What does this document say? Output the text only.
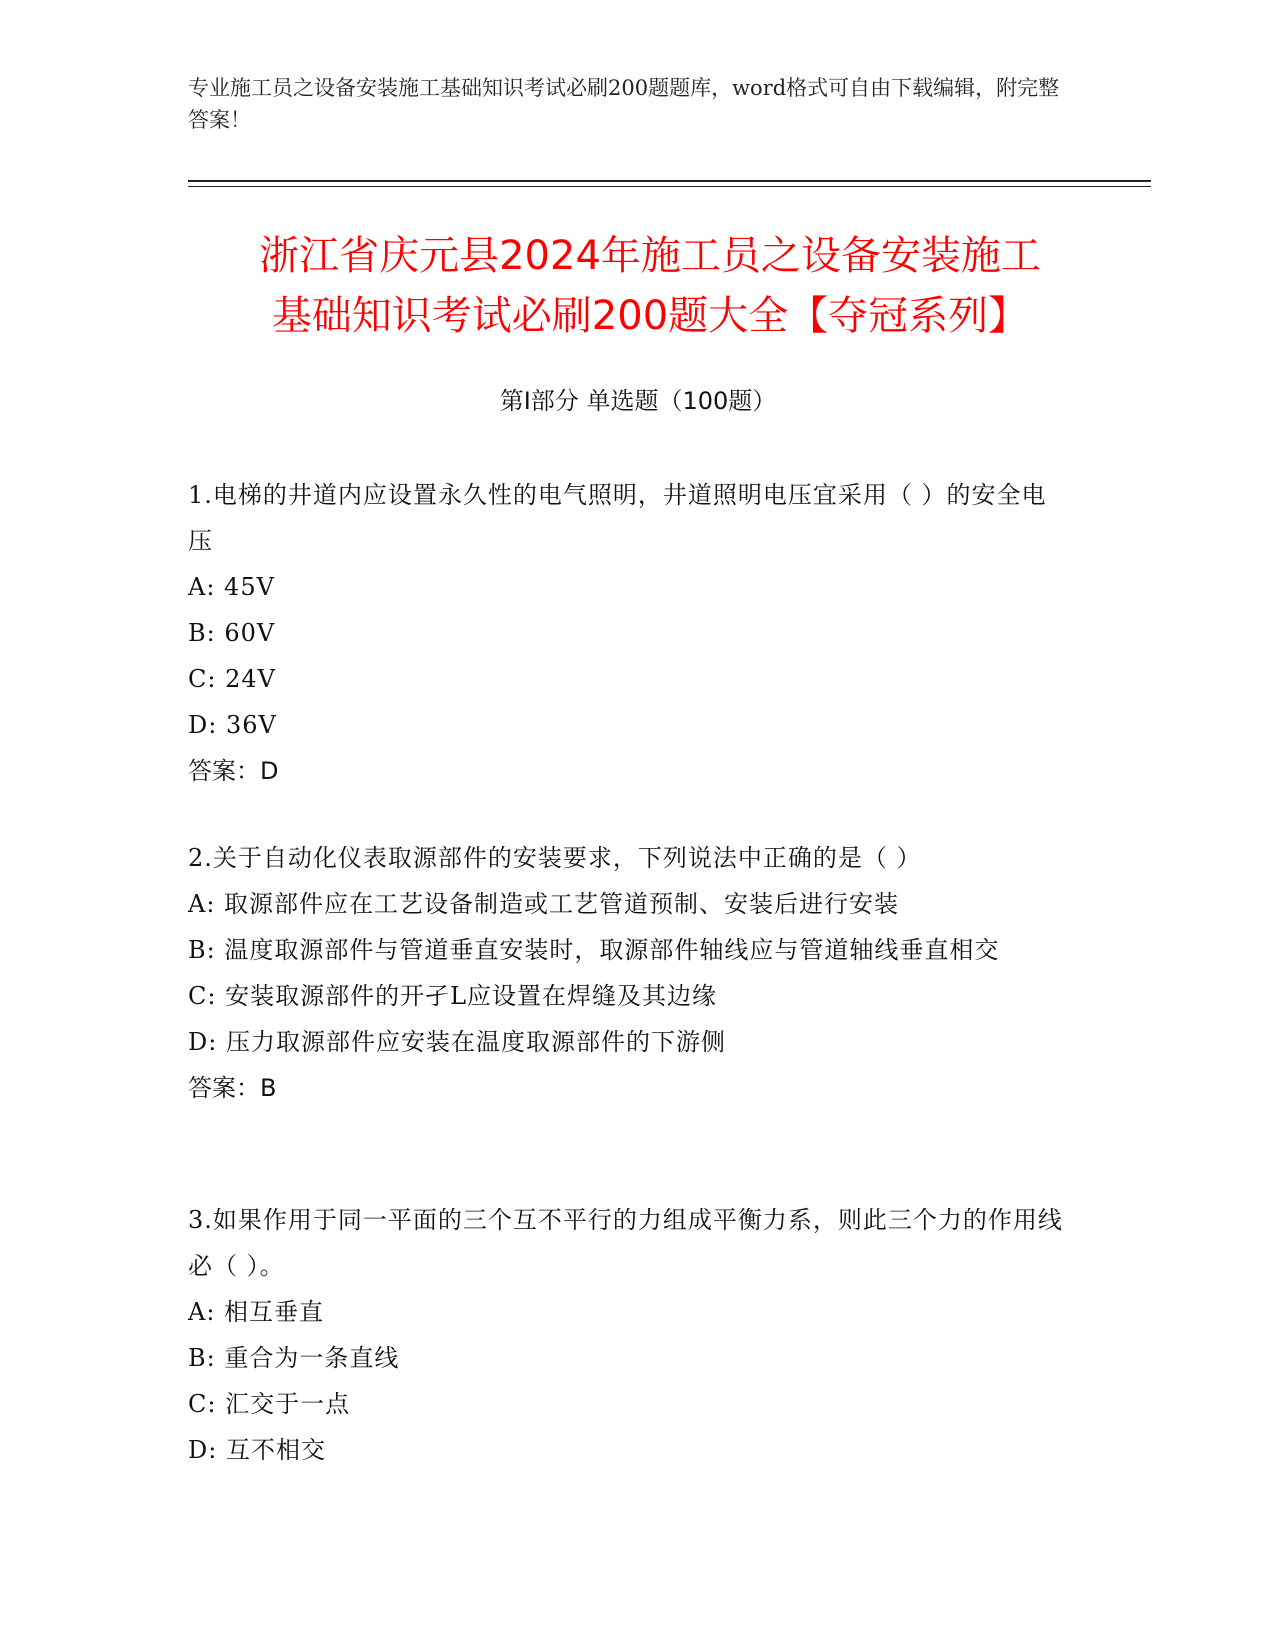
专业施工员之设备安装施工基础知识考试必刷200题题库，word格式可自由下载编辑，附完整答案！
浙江省庆元县2024年施工员之设备安装施工
基础知识考试必刷200题大全【夺冠系列】
第I部分 单选题（100题）
1.电梯的井道内应设置永久性的电气照明，井道照明电压宜采用（ ）的安全电压
A: 45V
B: 60V
C: 24V
D: 36V
答案：D
2.关于自动化仪表取源部件的安装要求，下列说法中正确的是（ ）
A: 取源部件应在工艺设备制造或工艺管道预制、安装后进行安装
B: 温度取源部件与管道垂直安装时，取源部件轴线应与管道轴线垂直相交
C: 安装取源部件的开孑L应设置在焊缝及其边缘
D: 压力取源部件应安装在温度取源部件的下游侧
答案：B
3.如果作用于同一平面的三个互不平行的力组成平衡力系，则此三个力的作用线必（ ）。
A: 相互垂直
B: 重合为一条直线
C: 汇交于一点
D: 互不相交
